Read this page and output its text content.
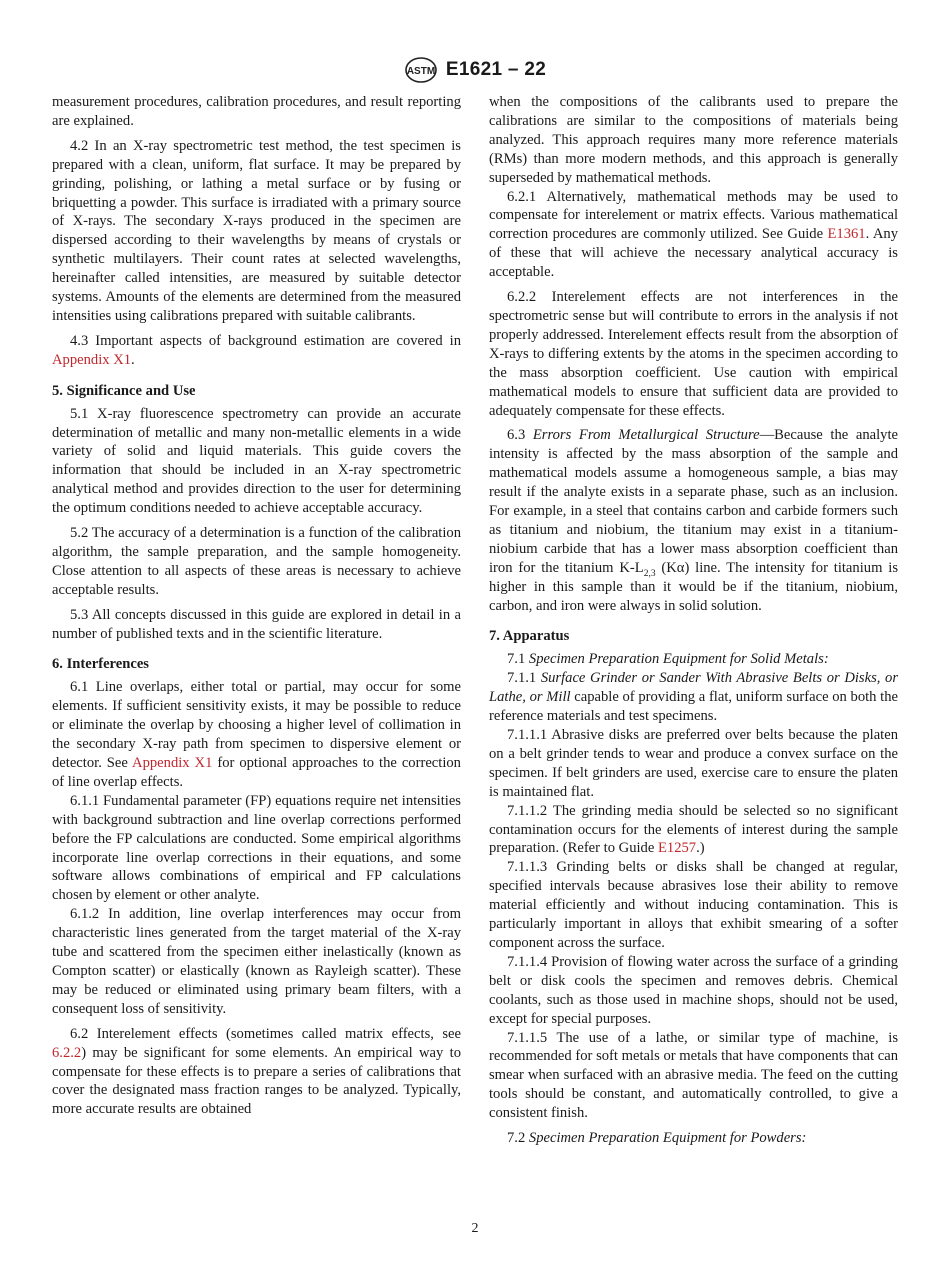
ASTM E1621 – 22

measurement procedures, calibration procedures, and result reporting are explained.

4.2 In an X-ray spectrometric test method, the test specimen is prepared with a clean, uniform, flat surface. It may be prepared by grinding, polishing, or lathing a metal surface or by fusing or briquetting a powder. This surface is irradiated with a primary source of X-rays. The secondary X-rays produced in the specimen are dispersed according to their wavelengths by means of crystals or synthetic multilayers. Their count rates at selected wavelengths, hereinafter called intensities, are measured by suitable detector systems. Amounts of the elements are determined from the measured intensities using calibrations prepared with suitable calibrants.

4.3 Important aspects of background estimation are covered in Appendix X1.

5. Significance and Use

5.1 X-ray fluorescence spectrometry can provide an accurate determination of metallic and many non-metallic elements in a wide variety of solid and liquid materials. This guide covers the information that should be included in an X-ray spectrometric analytical method and provides direction to the user for determining the optimum conditions needed to achieve acceptable accuracy.

5.2 The accuracy of a determination is a function of the calibration algorithm, the sample preparation, and the sample homogeneity. Close attention to all aspects of these areas is necessary to achieve acceptable results.

5.3 All concepts discussed in this guide are explored in detail in a number of published texts and in the scientific literature.

6. Interferences

6.1 Line overlaps, either total or partial, may occur for some elements. If sufficient sensitivity exists, it may be possible to reduce or eliminate the overlap by choosing a higher level of collimation in the secondary X-ray path from specimen to dispersive element or detector. See Appendix X1 for optional approaches to the correction of line overlap effects.

6.1.1 Fundamental parameter (FP) equations require net intensities with background subtraction and line overlap corrections performed before the FP calculations are conducted. Some empirical algorithms incorporate line overlap corrections in their equations, and some software allows combinations of empirical and FP calculations chosen by element or other analyte.

6.1.2 In addition, line overlap interferences may occur from characteristic lines generated from the target material of the X-ray tube and scattered from the specimen either inelastically (known as Compton scatter) or elastically (known as Rayleigh scatter). These may be reduced or eliminated using primary beam filters, with a consequent loss of sensitivity.

6.2 Interelement effects (sometimes called matrix effects, see 6.2.2) may be significant for some elements. An empirical way to compensate for these effects is to prepare a series of calibrations that cover the designated mass fraction ranges to be analyzed. Typically, more accurate results are obtained

when the compositions of the calibrants used to prepare the calibrations are similar to the compositions of materials being analyzed. This approach requires many more reference materials (RMs) than more modern methods, and this approach is generally superseded by mathematical methods.

6.2.1 Alternatively, mathematical methods may be used to compensate for interelement or matrix effects. Various mathematical correction procedures are commonly utilized. See Guide E1361. Any of these that will achieve the necessary analytical accuracy is acceptable.

6.2.2 Interelement effects are not interferences in the spectrometric sense but will contribute to errors in the analysis if not properly addressed. Interelement effects result from the absorption of X-rays to differing extents by the atoms in the specimen according to the mass absorption coefficient. Use caution with empirical mathematical models to ensure that sufficient data are provided to adequately compensate for these effects.

6.3 Errors From Metallurgical Structure—Because the analyte intensity is affected by the mass absorption of the sample and mathematical models assume a homogeneous sample, a bias may result if the analyte exists in a separate phase, such as an inclusion. For example, in a steel that contains carbon and carbide formers such as titanium and niobium, the titanium may exist in a titanium-niobium carbide that has a lower mass absorption coefficient than iron for the titanium $K-L_{2,3}$ (Kα) line. The intensity for titanium is higher in this sample than it would be if the titanium, niobium, carbon, and iron were always in solid solution.

7. Apparatus

7.1 Specimen Preparation Equipment for Solid Metals:

7.1.1 Surface Grinder or Sander With Abrasive Belts or Disks, or Lathe, or Mill capable of providing a flat, uniform surface on both the reference materials and test specimens.

7.1.1.1 Abrasive disks are preferred over belts because the platen on a belt grinder tends to wear and produce a convex surface on the specimen. If belt grinders are used, exercise care to ensure the platen is maintained flat.

7.1.1.2 The grinding media should be selected so no significant contamination occurs for the elements of interest during the sample preparation. (Refer to Guide E1257.)

7.1.1.3 Grinding belts or disks shall be changed at regular, specified intervals because abrasives lose their ability to remove material efficiently and without inducing contamination. This is particularly important in alloys that exhibit smearing of a softer component across the surface.

7.1.1.4 Provision of flowing water across the surface of a grinding belt or disk cools the specimen and removes debris. Chemical coolants, such as those used in machine shops, should not be used, except for special purposes.

7.1.1.5 The use of a lathe, or similar type of machine, is recommended for soft metals or metals that have components that can smear when surfaced with an abrasive media. The feed on the cutting tools should be constant, and automatically controlled, to give a consistent finish.

7.2 Specimen Preparation Equipment for Powders:

2
